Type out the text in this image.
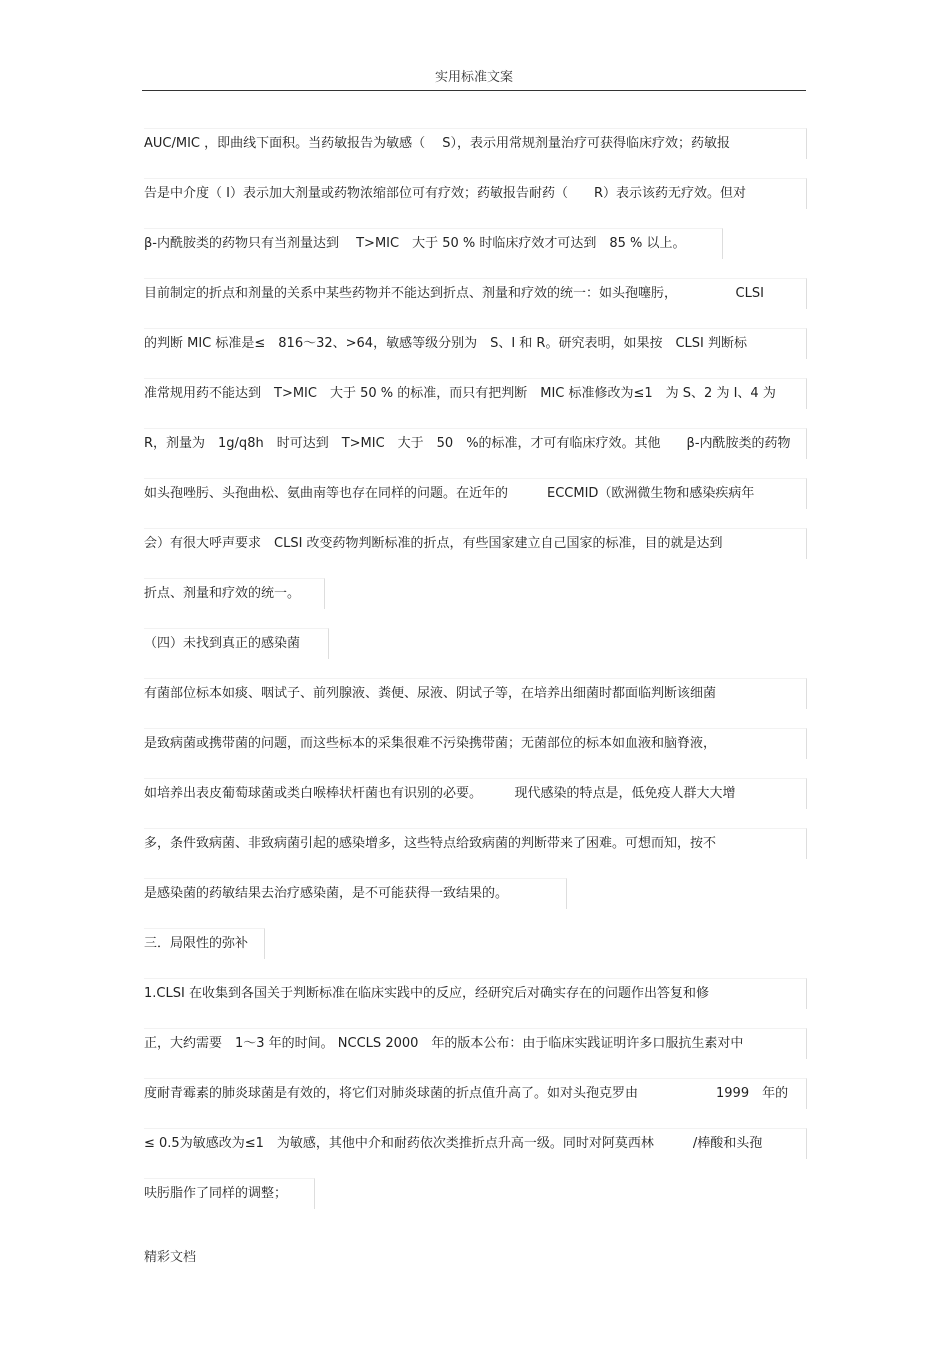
实用标准文案
AUC/MIC ，即曲线下面积。当药敏报告为敏感（　 S），表示用常规剂量治疗可获得临床疗效；药敏报
告是中介度（ I）表示加大剂量或药物浓缩部位可有疗效；药敏报告耐药（　　R）表示该药无疗效。但对
β-内酰胺类的药物只有当剂量达到　 T>MIC　大于 50 % 时临床疗效才可达到　85 % 以上。
目前制定的折点和剂量的关系中某些药物并不能达到折点、剂量和疗效的统一：如头孢噻肟，　　　　　CLSI
的判断 MIC 标准是≤　816～32、>64，敏感等级分别为　S、I 和 R。研究表明，如果按　CLSI 判断标
准常规用药不能达到　T>MIC　大于 50 % 的标准，而只有把判断　MIC 标准修改为≤1　为 S、2 为 I、4 为
R，剂量为　1g/q8h　时可达到　T>MIC　大于　50　%的标准，才可有临床疗效。其他　　β-内酰胺类的药物
如头孢唑肟、头孢曲松、氨曲南等也存在同样的问题。在近年的　　　ECCMID（欧洲微生物和感染疾病年
会）有很大呼声要求　CLSI 改变药物判断标准的折点，有些国家建立自己国家的标准，目的就是达到
折点、剂量和疗效的统一。
（四）未找到真正的感染菌
有菌部位标本如痰、咽试子、前列腺液、粪便、尿液、阴试子等，在培养出细菌时都面临判断该细菌
是致病菌或携带菌的问题，而这些标本的采集很难不污染携带菌；无菌部位的标本如血液和脑脊液，
如培养出表皮葡萄球菌或类白喉棒状杆菌也有识别的必要。　　　现代感染的特点是，低免疫人群大大增
多，条件致病菌、非致病菌引起的感染增多，这些特点给致病菌的判断带来了困难。可想而知，按不
是感染菌的药敏结果去治疗感染菌，是不可能获得一致结果的。
三．局限性的弥补
1.CLSI 在收集到各国关于判断标准在临床实践中的反应，经研究后对确实存在的问题作出答复和修
正，大约需要　1～3 年的时间。 NCCLS 2000　年的版本公布：由于临床实践证明许多口服抗生素对中
度耐青霉素的肺炎球菌是有效的，将它们对肺炎球菌的折点值升高了。如对头孢克罗由　　　　　　1999　年的
≤ 0.5为敏感改为≤1　为敏感，其他中介和耐药依次类推折点升高一级。同时对阿莫西林　　　/棒酸和头孢
呋肟脂作了同样的调整；
精彩文档
